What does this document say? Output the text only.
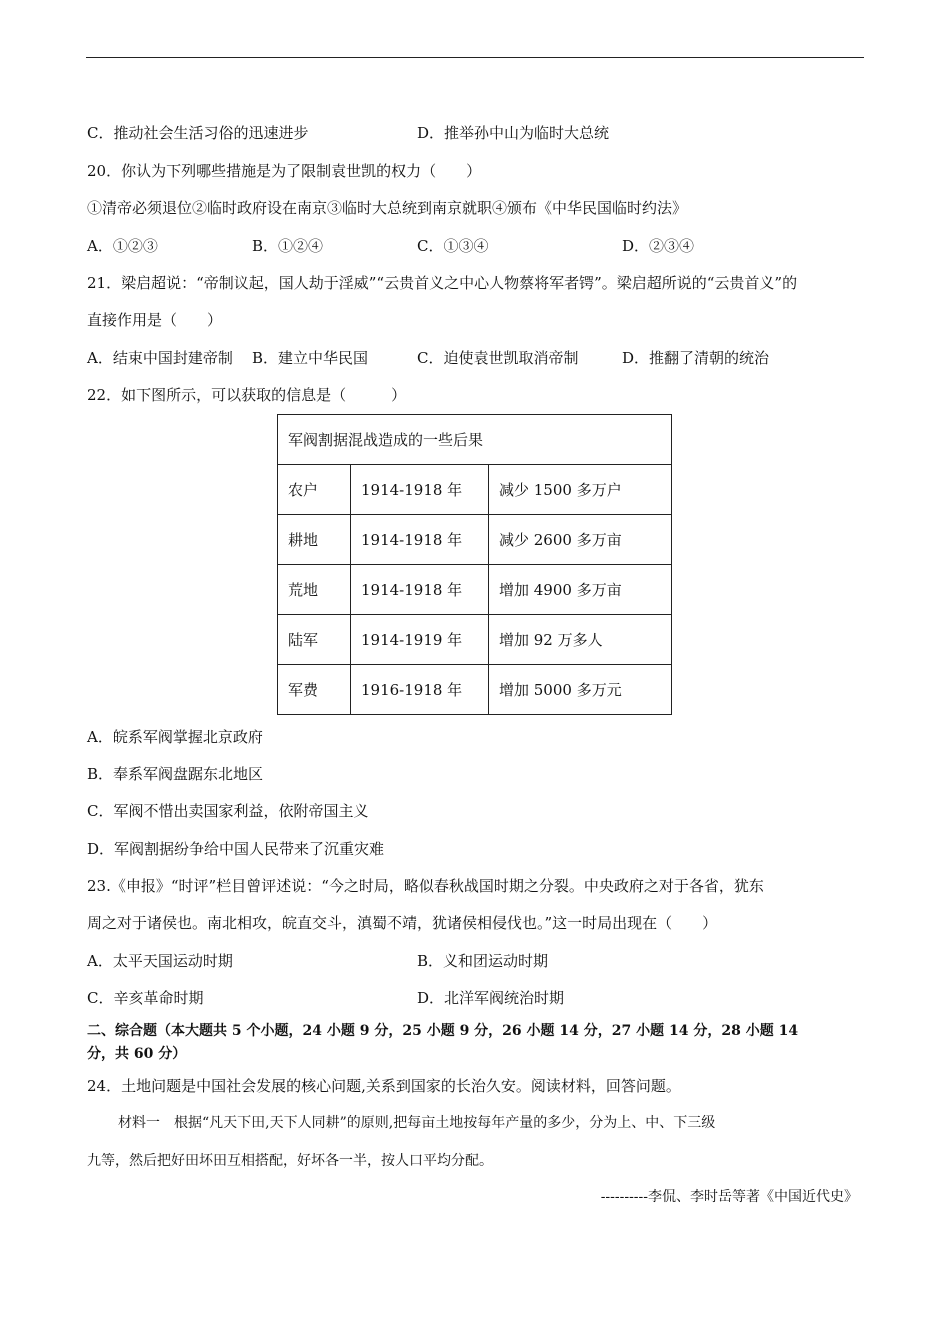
C．推动社会生活习俗的迅速进步	D．推举孙中山为临时大总统
20．你认为下列哪些措施是为了限制袁世凯的权力（　　）
①清帝必须退位②临时政府设在南京③临时大总统到南京就职④颁布《中华民国临时约法》
A．①②③	B．①②④	C．①③④	D．②③④
21．梁启超说：“帝制议起，国人劫于淫威”“云贵首义之中心人物蔡将军者锷”。梁启超所说的“云贵首义”的
直接作用是（　　）
A．结束中国封建帝制 B．建立中华民国	C．迫使袁世凯取消帝制	D．推翻了清朝的统治
22．如下图所示，可以获取的信息是（　　　）
军阀割据混战造成的一些后果		
农户	1914-1918 年	减少 1500 多万户
耕地	1914-1918 年	减少 2600 多万亩
荒地	1914-1918 年	增加 4900 多万亩
陆军	1914-1919 年	增加 92 万多人
军费	1916-1918 年	增加 5000 多万元
A．皖系军阀掌握北京政府
B．奉系军阀盘踞东北地区
C．军阀不惜出卖国家利益，依附帝国主义
D．军阀割据纷争给中国人民带来了沉重灾难
23.《申报》“时评”栏目曾评述说：“今之时局，略似春秋战国时期之分裂。中央政府之对于各省，犹东
周之对于诸侯也。南北相攻，皖直交斗，滇蜀不靖，犹诸侯相侵伐也。”这一时局出现在（　　）
A．太平天国运动时期	B．义和团运动时期
C．辛亥革命时期	D．北洋军阀统治时期
二、综合题（本大题共 5 个小题，24 小题 9 分，25 小题 9 分，26 小题 14 分，27 小题 14 分，28 小题 14
分，共 60 分）
24．土地问题是中国社会发展的核心问题,关系到国家的长治久安。阅读材料，回答问题。
材料一　根据“凡天下田,天下人同耕”的原则,把每亩土地按每年产量的多少，分为上、中、下三级
九等，然后把好田坏田互相搭配，好坏各一半，按人口平均分配。
----------李侃、李时岳等著《中国近代史》
